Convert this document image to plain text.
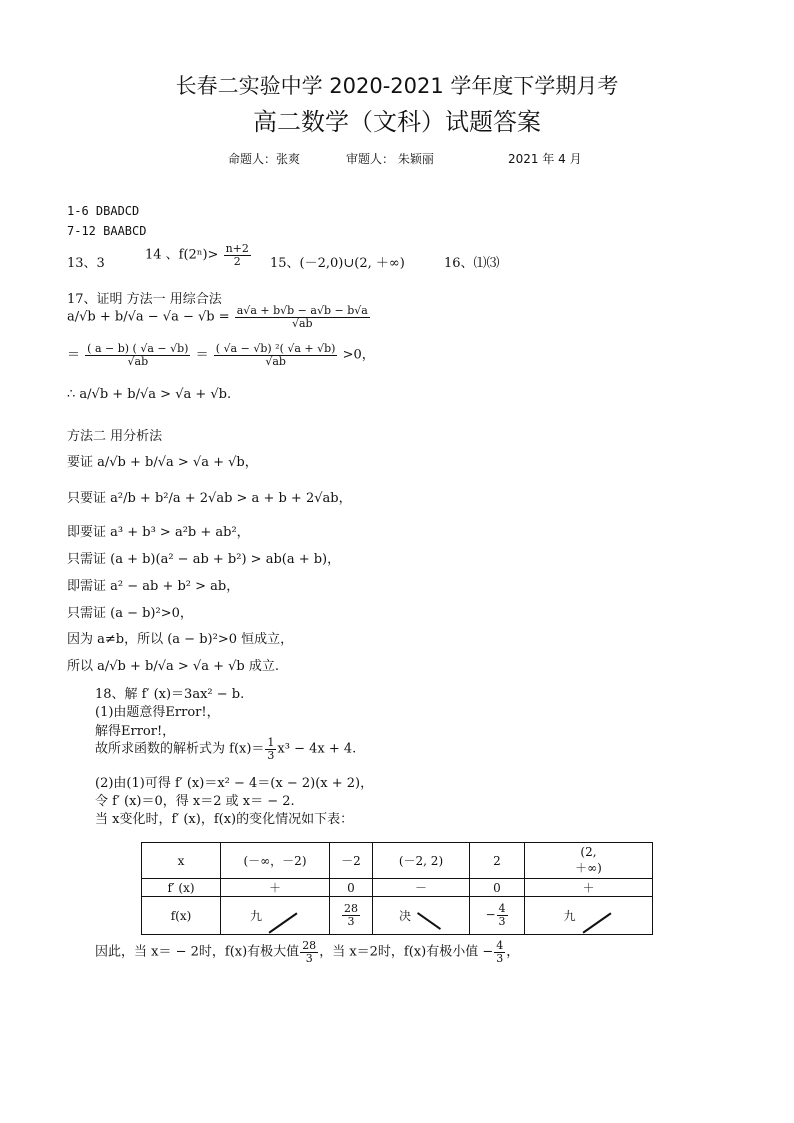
长春二实验中学 2020-2021 学年度下学期月考
高二数学（文科）试题答案
命题人：张爽	审题人： 朱颖丽	2021 年 4 月
1-6 DBADCD
7-12 BAABCD
13、3
14 、$f(2^n)> \frac{n+2}{2} 15$、(－2,0)∪(2, ＋∞)	16、⑴⑶
17、证明 方法一 用综合法
$a/√b + b/√a - √a - √b = \frac{a√a + b√b - a√b - b√a}{√ab}$
＝ $\frac{( a - b) ( √a - √b)}{√ab} = \frac{\text{( √a − √b) ²( √a + √b)}}{√ab} >0$，
∴ a/√b + b/√a > √a + √b.
方法二 用分析法
要证 a/√b + b/√a > √a + √b，
只要证 a²/b + b²/a + 2√ab > a + b + 2√ab，
即要证 a³ + b³ > a²b + ab²，
只需证 (a + b)(a² − ab + b²) > ab(a + b)，
即需证 a² − ab + b² > ab，
只需证 (a − b)²>0，
因为 a≠b，所以 (a − b)²>0 恒成立，
所以 a/√b + b/√a > √a + √b 成立.
18、解 f′ (x)＝3ax² − b.
(1)由题意得Error!，
解得Error!，
故所求函数的解析式为 $f(x)= \frac{1}{3} x^3 - 4x + 4$.
(2)由(1)可得 f′ (x)＝x² − 4＝(x − 2)(x + 2)，
令 f′ (x)＝0，得 x＝2 或 x＝ − 2.
当 x变化时，f′ (x)，f(x)的变化情况如下表：
x	(－∞，－2)	－2	(－2, 2)	2	(2,
＋∞)
f′ (x)	＋	0	－	0	＋
f(x)	九	$\frac{28}{3}$	决	− $\frac{4}{3}$	九
因此，当 x＝ − 2时，f(x)有极大值 $\frac{28}{3}$ ，当 x＝2时，f(x)有极小值 − $\frac{4}{3}$ ，
